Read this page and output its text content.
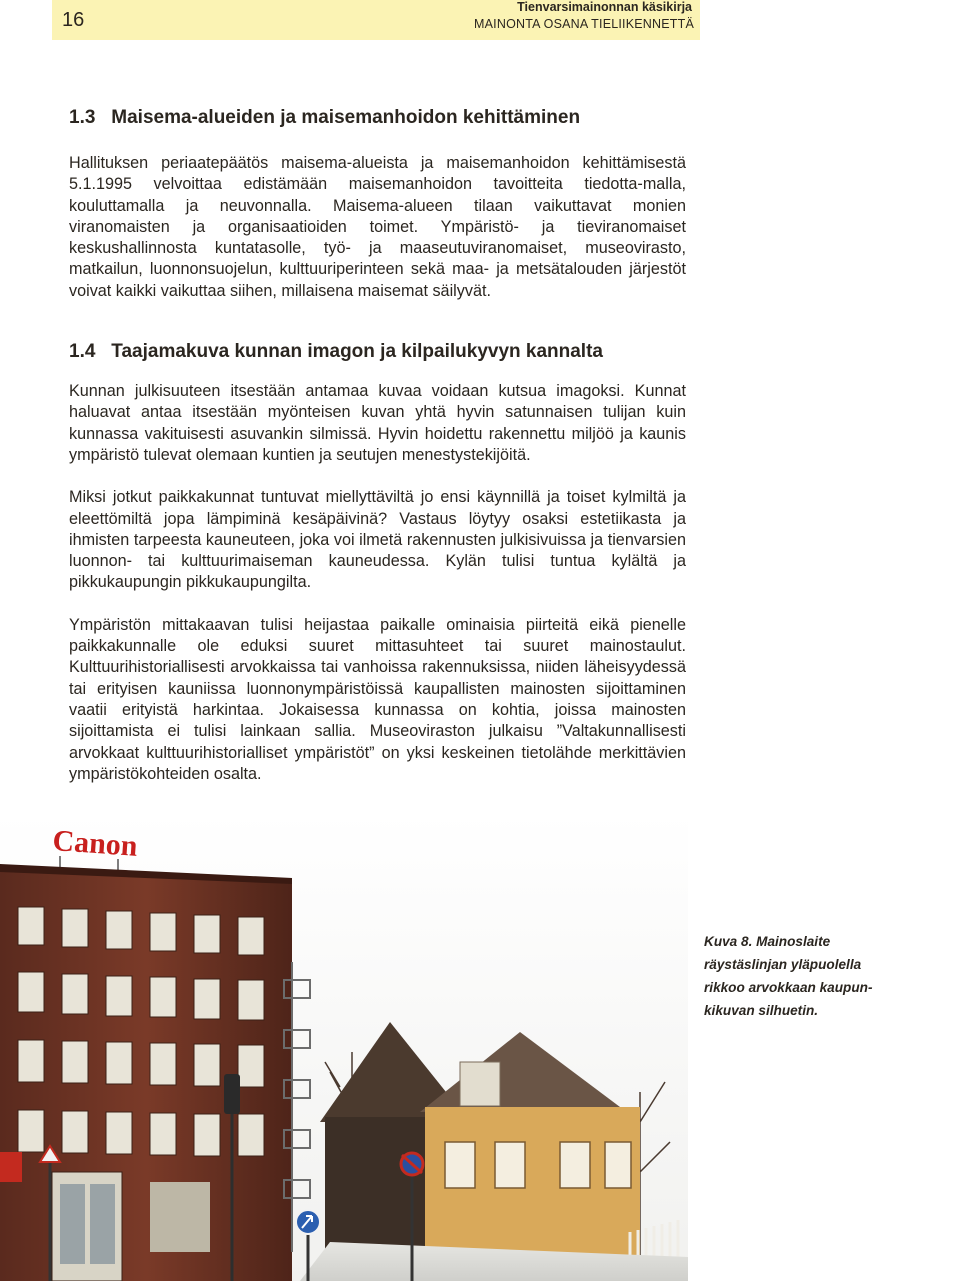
16
Tienvarsimainonnan käsikirja
MAINONTA OSANA TIELIIKENNETTÄ
1.3 Maisema-alueiden ja maisemanhoidon kehittäminen

Hallituksen periaatepäätös maisema-alueista ja maisemanhoidon kehittämisestä 5.1.1995 velvoittaa edistämään maisemanhoidon tavoitteita tiedotta-malla, kouluttamalla ja neuvonnalla. Maisema-alueen tilaan vaikuttavat monien viranomaisten ja organisaatioiden toimet. Ympäristö- ja tieviranomaiset keskushallinnosta kuntatasolle, työ- ja maaseutuviranomaiset, museovirasto, matkailun, luonnonsuojelun, kulttuuriperinteen sekä maa- ja metsätalouden järjestöt voivat kaikki vaikuttaa siihen, millaisena maisemat säilyvät.

1.4 Taajamakuva kunnan imagon ja kilpailukyvyn kannalta

Kunnan julkisuuteen itsestään antamaa kuvaa voidaan kutsua imagoksi. Kunnat haluavat antaa itsestään myönteisen kuvan yhtä hyvin satunnaisen tulijan kuin kunnassa vakituisesti asuvankin silmissä. Hyvin hoidettu rakennettu miljöö ja kaunis ympäristö tulevat olemaan kuntien ja seutujen menestystekijöitä.

Miksi jotkut paikkakunnat tuntuvat miellyttäviltä jo ensi käynnillä ja toiset kylmiltä ja eleettömiltä jopa lämpiminä kesäpäivinä? Vastaus löytyy osaksi estetiikasta ja ihmisten tarpeesta kauneuteen, joka voi ilmetä rakennusten julkisivuissa ja tienvarsien luonnon- tai kulttuurimaiseman kauneudessa. Kylän tulisi tuntua kylältä ja pikkukaupungin pikkukaupungilta.

Ympäristön mittakaavan tulisi heijastaa paikalle ominaisia piirteitä eikä pienelle paikkakunnalle ole eduksi suuret mittasuhteet tai suuret mainostaulut. Kulttuurihistoriallisesti arvokkaissa tai vanhoissa rakennuksissa, niiden läheisyydessä tai erityisen kauniissa luonnonympäristöissä kaupallisten mainosten sijoittaminen vaatii erityistä harkintaa. Jokaisessa kunnassa on kohtia, joissa mainosten sijoittamista ei tulisi lainkaan sallia. Museoviraston julkaisu ”Valtakunnallisesti arvokkaat kulttuurihistorialliset ympäristöt” on yksi keskeinen tietolähde merkittävien ympäristökohteiden osalta.

Canon
Kuva 8. Mainoslaite
räystäslinjan yläpuolella
rikkoo arvokkaan kaupun-
kikuvan silhuetin.
